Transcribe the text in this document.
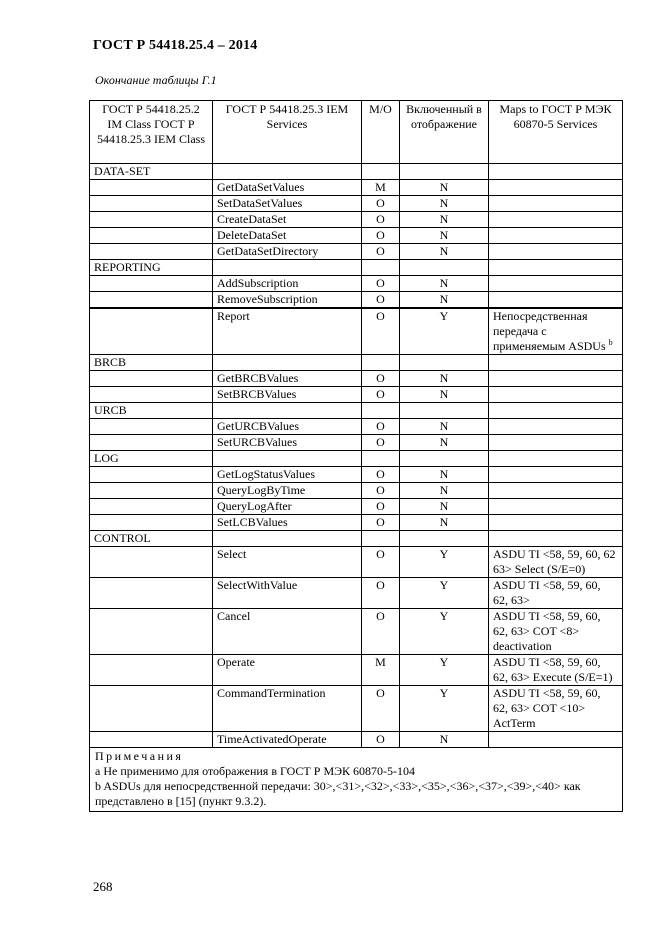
ГОСТ Р 54418.25.4 – 2014
Окончание таблицы Г.1
ГОСТ Р 54418.25.2 IM Class ГОСТ Р 54418.25.3 IEM Class	ГОСТ Р 54418.25.3 IEM Services	M/O	Включенный в отображение	Maps to ГОСТ Р МЭК 60870-5 Services
DATA-SET				
	GetDataSetValues	M	N	
	SetDataSetValues	O	N	
	CreateDataSet	O	N	
	DeleteDataSet	O	N	
	GetDataSetDirectory	O	N	
REPORTING				
	AddSubscription	O	N	
	RemoveSubscription	O	N	

	Report	O	Y	Непосредственная передача с применяемым ASDUs $^b$
BRCB				
	GetBRCBValues	O	N	
	SetBRCBValues	O	N	
URCB				
	GetURCBValues	O	N	
	SetURCBValues	O	N	
LOG				
	GetLogStatusValues	O	N	
	QueryLogByTime	O	N	
	QueryLogAfter	O	N	
	SetLCBValues	O	N	
CONTROL				
	Select	O	Y	ASDU TI <58, 59, 60, 62 63> Select (S/E=0)
	SelectWithValue	O	Y	ASDU TI <58, 59, 60, 62, 63>
	Cancel	O	Y	ASDU TI <58, 59, 60, 62, 63> COT <8> deactivation
	Operate	M	Y	ASDU TI <58, 59, 60, 62, 63> Execute (S/E=1)
	CommandTermination	O	Y	ASDU TI <58, 59, 60, 62, 63> COT <10> ActTerm
	TimeActivatedOperate	O	N	

Примечания
a Не применимо для отображения в ГОСТ Р МЭК 60870-5-104
b ASDUs для непосредственной передачи: 30>,<31>,<32>,<33>,<35>,<36>,<37>,<39>,<40> как представлено в [15] (пункт 9.3.2).				
268
